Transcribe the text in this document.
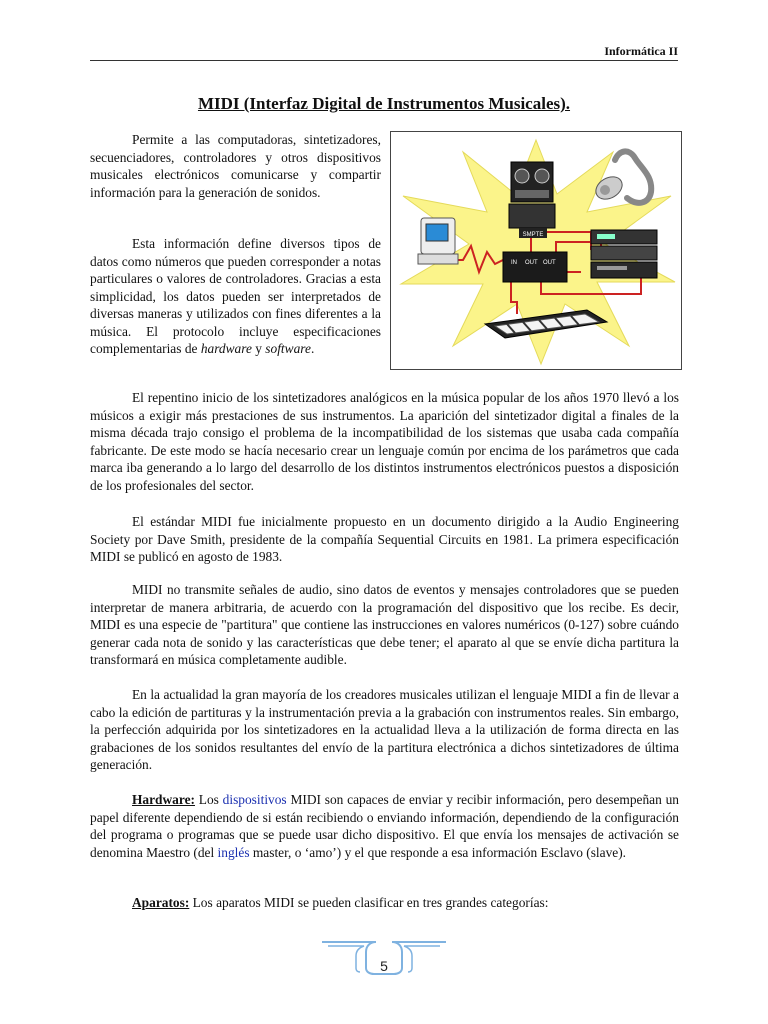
Informática II
MIDI (Interfaz Digital de Instrumentos Musicales).

Permite a las computadoras, sintetizadores, secuenciadores, controladores y otros dispositivos musicales electrónicos comunicarse y compartir información para la generación de sonidos.

Esta información define diversos tipos de datos como números que pueden corresponder a notas particulares o valores de controladores. Gracias a esta simplicidad, los datos pueden ser interpretados de diversas maneras y utilizados con fines diferentes a la música. El protocolo incluye especificaciones complementarias de hardware y software.

SMPTE
IN OUT OUT

El repentino inicio de los sintetizadores analógicos en la música popular de los años 1970 llevó a los músicos a exigir más prestaciones de sus instrumentos. La aparición del sintetizador digital a finales de la misma década trajo consigo el problema de la incompatibilidad de los sistemas que usaba cada compañía fabricante. De este modo se hacía necesario crear un lenguaje común por encima de los parámetros que cada marca iba generando a lo largo del desarrollo de los distintos instrumentos electrónicos puestos a disposición de los profesionales del sector.

El estándar MIDI fue inicialmente propuesto en un documento dirigido a la Audio Engineering Society por Dave Smith, presidente de la compañía Sequential Circuits en 1981. La primera especificación MIDI se publicó en agosto de 1983.

MIDI no transmite señales de audio, sino datos de eventos y mensajes controladores que se pueden interpretar de manera arbitraria, de acuerdo con la programación del dispositivo que los recibe. Es decir, MIDI es una especie de "partitura" que contiene las instrucciones en valores numéricos (0-127) sobre cuándo generar cada nota de sonido y las características que debe tener; el aparato al que se envíe dicha partitura la transformará en música completamente audible.

En la actualidad la gran mayoría de los creadores musicales utilizan el lenguaje MIDI a fin de llevar a cabo la edición de partituras y la instrumentación previa a la grabación con instrumentos reales. Sin embargo, la perfección adquirida por los sintetizadores en la actualidad lleva a la utilización de forma directa en las grabaciones de los sonidos resultantes del envío de la partitura electrónica a dichos sintetizadores de última generación.

Hardware: Los dispositivos MIDI son capaces de enviar y recibir información, pero desempeñan un papel diferente dependiendo de si están recibiendo o enviando información, dependiendo de la configuración del programa o programas que se puede usar dicho dispositivo. El que envía los mensajes de activación se denomina Maestro (del inglés master, o ‘amo’) y el que responde a esa información Esclavo (slave).

Aparatos: Los aparatos MIDI se pueden clasificar en tres grandes categorías:

5
